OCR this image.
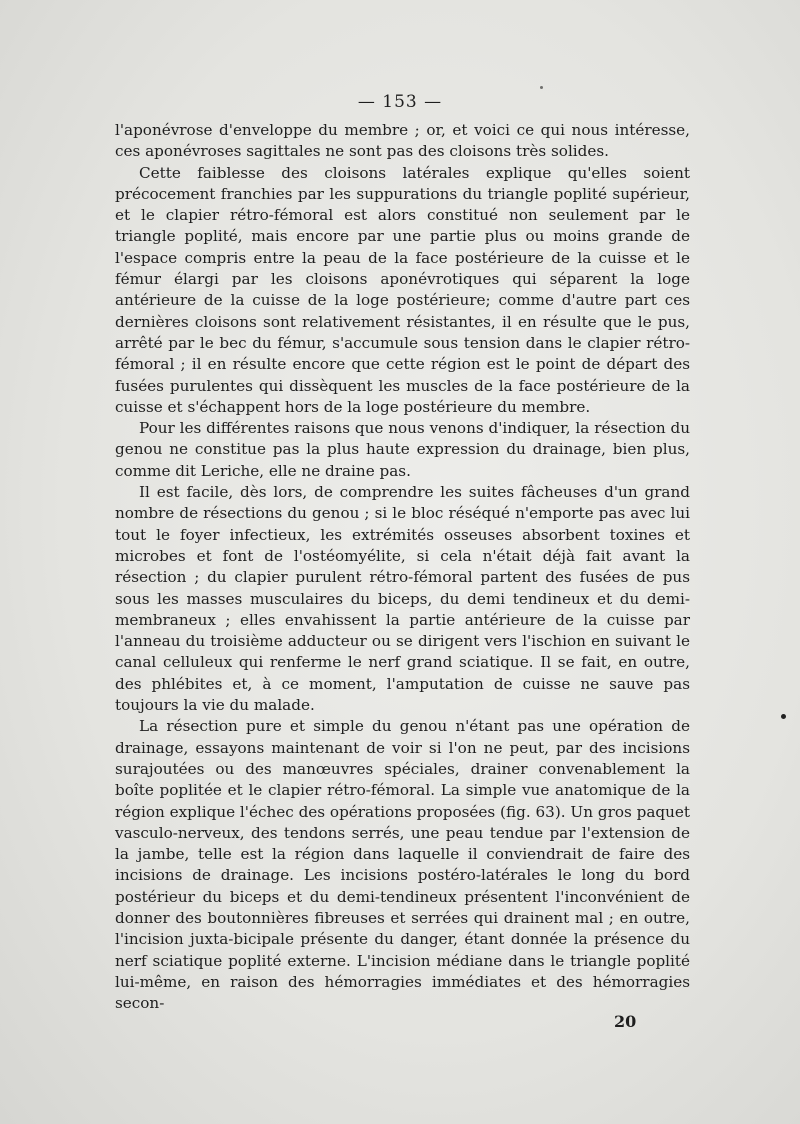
— 153 —

l'aponévrose d'enveloppe du membre ; or, et voici ce qui nous intéresse, ces aponévroses sagittales ne sont pas des cloisons très solides.

Cette faiblesse des cloisons latérales explique qu'elles soient précocement franchies par les suppurations du triangle poplité supérieur, et le clapier rétro-fémoral est alors constitué non seulement par le triangle poplité, mais encore par une partie plus ou moins grande de l'espace compris entre la peau de la face postérieure de la cuisse et le fémur élargi par les cloisons aponévrotiques qui séparent la loge antérieure de la cuisse de la loge postérieure; comme d'autre part ces dernières cloisons sont relativement résistantes, il en résulte que le pus, arrêté par le bec du fémur, s'accumule sous tension dans le clapier rétro-fémoral ; il en résulte encore que cette région est le point de départ des fusées purulentes qui dissèquent les muscles de la face postérieure de la cuisse et s'échappent hors de la loge postérieure du membre.

Pour les différentes raisons que nous venons d'indiquer, la résection du genou ne constitue pas la plus haute expression du drainage, bien plus, comme dit Leriche, elle ne draine pas.

Il est facile, dès lors, de comprendre les suites fâcheuses d'un grand nombre de résections du genou ; si le bloc réséqué n'emporte pas avec lui tout le foyer infectieux, les extrémités osseuses absorbent toxines et microbes et font de l'ostéomyélite, si cela n'était déjà fait avant la résection ; du clapier purulent rétro-fémoral partent des fusées de pus sous les masses musculaires du biceps, du demi tendineux et du demi-membraneux ; elles envahissent la partie antérieure de la cuisse par l'anneau du troisième adducteur ou se dirigent vers l'ischion en suivant le canal celluleux qui renferme le nerf grand sciatique. Il se fait, en outre, des phlébites et, à ce moment, l'amputation de cuisse ne sauve pas toujours la vie du malade.

La résection pure et simple du genou n'étant pas une opération de drainage, essayons maintenant de voir si l'on ne peut, par des incisions surajoutées ou des manœuvres spéciales, drainer convenablement la boîte poplitée et le clapier rétro-fémoral. La simple vue anatomique de la région explique l'échec des opérations proposées (fig. 63). Un gros paquet vasculo-nerveux, des tendons serrés, une peau tendue par l'extension de la jambe, telle est la région dans laquelle il conviendrait de faire des incisions de drainage. Les incisions postéro-latérales le long du bord postérieur du biceps et du demi-tendineux présentent l'inconvénient de donner des boutonnières fibreuses et serrées qui drainent mal ; en outre, l'incision juxta-bicipale présente du danger, étant donnée la présence du nerf sciatique poplité externe. L'incision médiane dans le triangle poplité lui-même, en raison des hémorragies immédiates et des hémorragies secon-

20
